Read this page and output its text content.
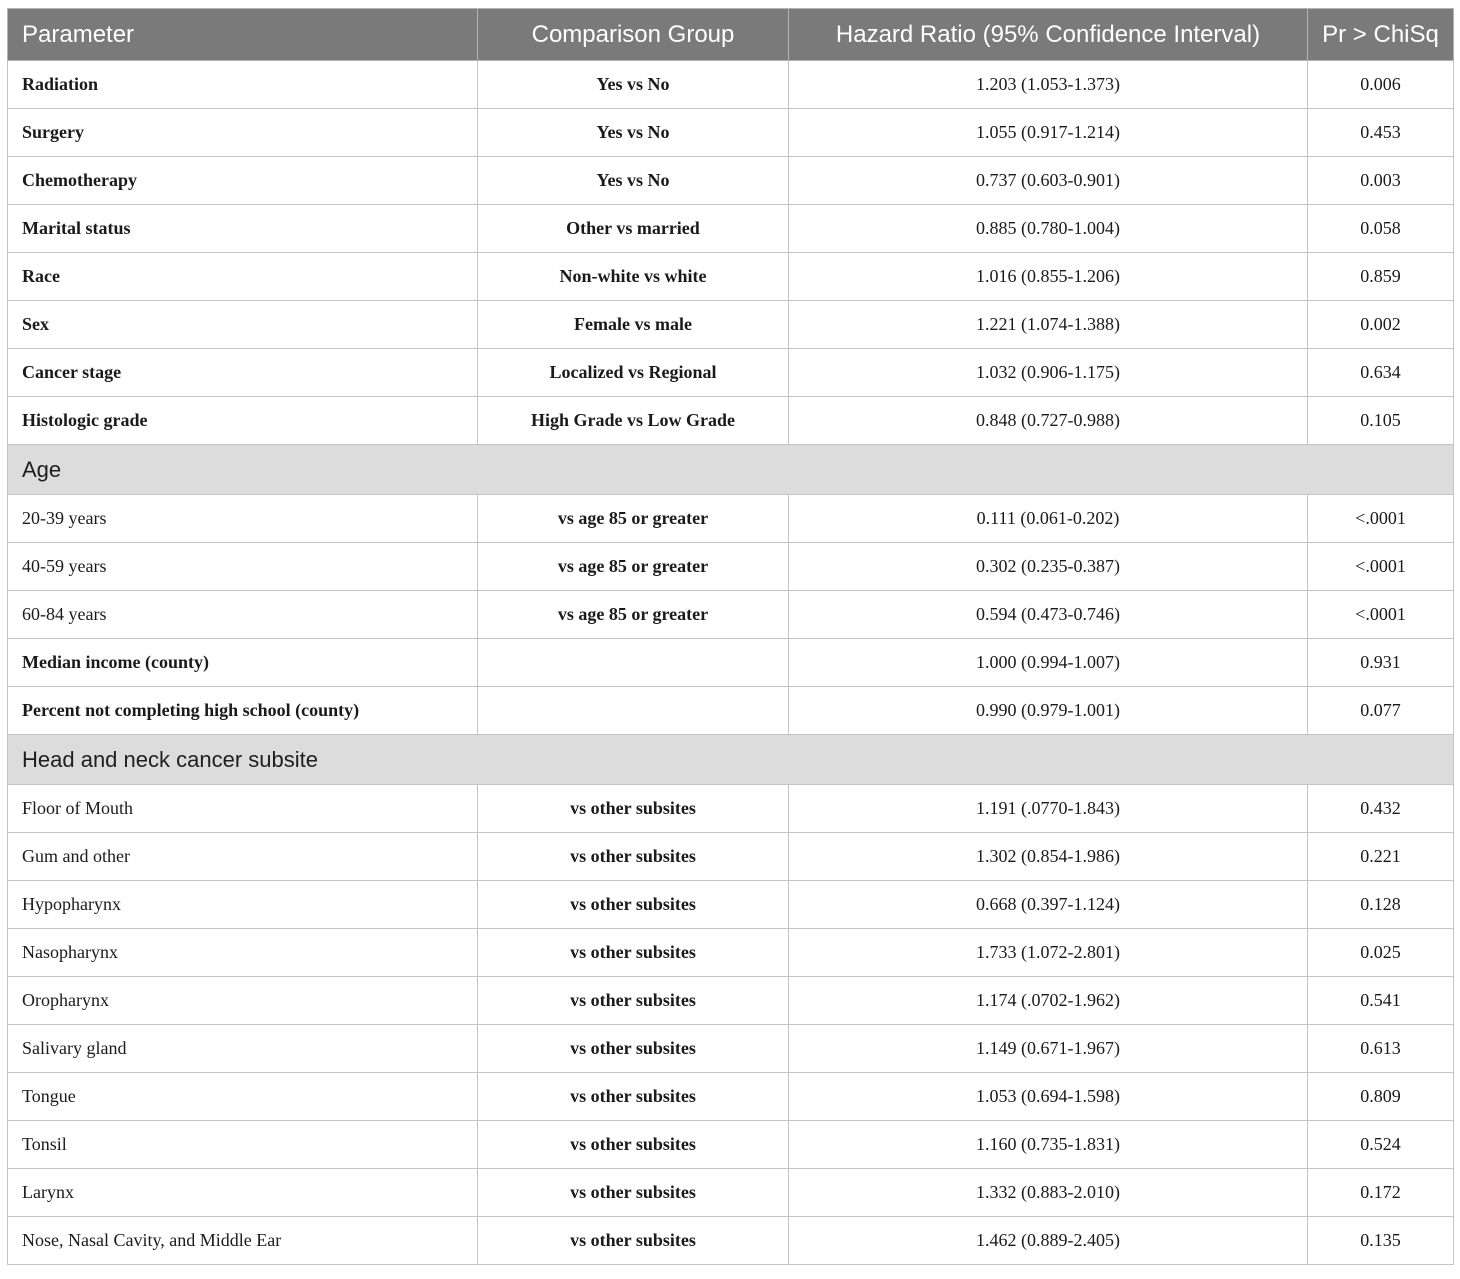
Parameter	Comparison Group	Hazard Ratio (95% Confidence Interval)	Pr > ChiSq
Radiation	Yes vs No	1.203 (1.053-1.373)	0.006
Surgery	Yes vs No	1.055 (0.917-1.214)	0.453
Chemotherapy	Yes vs No	0.737 (0.603-0.901)	0.003
Marital status	Other vs married	0.885 (0.780-1.004)	0.058
Race	Non-white vs white	1.016 (0.855-1.206)	0.859
Sex	Female vs male	1.221 (1.074-1.388)	0.002
Cancer stage	Localized vs Regional	1.032 (0.906-1.175)	0.634
Histologic grade	High Grade vs Low Grade	0.848 (0.727-0.988)	0.105
Age			
20-39 years	vs age 85 or greater	0.111 (0.061-0.202)	<.0001
40-59 years	vs age 85 or greater	0.302 (0.235-0.387)	<.0001
60-84 years	vs age 85 or greater	0.594 (0.473-0.746)	<.0001
Median income (county)		1.000 (0.994-1.007)	0.931
Percent not completing high school (county)		0.990 (0.979-1.001)	0.077
Head and neck cancer subsite			
Floor of Mouth	vs other subsites	1.191 (.0770-1.843)	0.432
Gum and other	vs other subsites	1.302 (0.854-1.986)	0.221
Hypopharynx	vs other subsites	0.668 (0.397-1.124)	0.128
Nasopharynx	vs other subsites	1.733 (1.072-2.801)	0.025
Oropharynx	vs other subsites	1.174 (.0702-1.962)	0.541
Salivary gland	vs other subsites	1.149 (0.671-1.967)	0.613
Tongue	vs other subsites	1.053 (0.694-1.598)	0.809
Tonsil	vs other subsites	1.160 (0.735-1.831)	0.524
Larynx	vs other subsites	1.332 (0.883-2.010)	0.172
Nose, Nasal Cavity, and Middle Ear	vs other subsites	1.462 (0.889-2.405)	0.135
